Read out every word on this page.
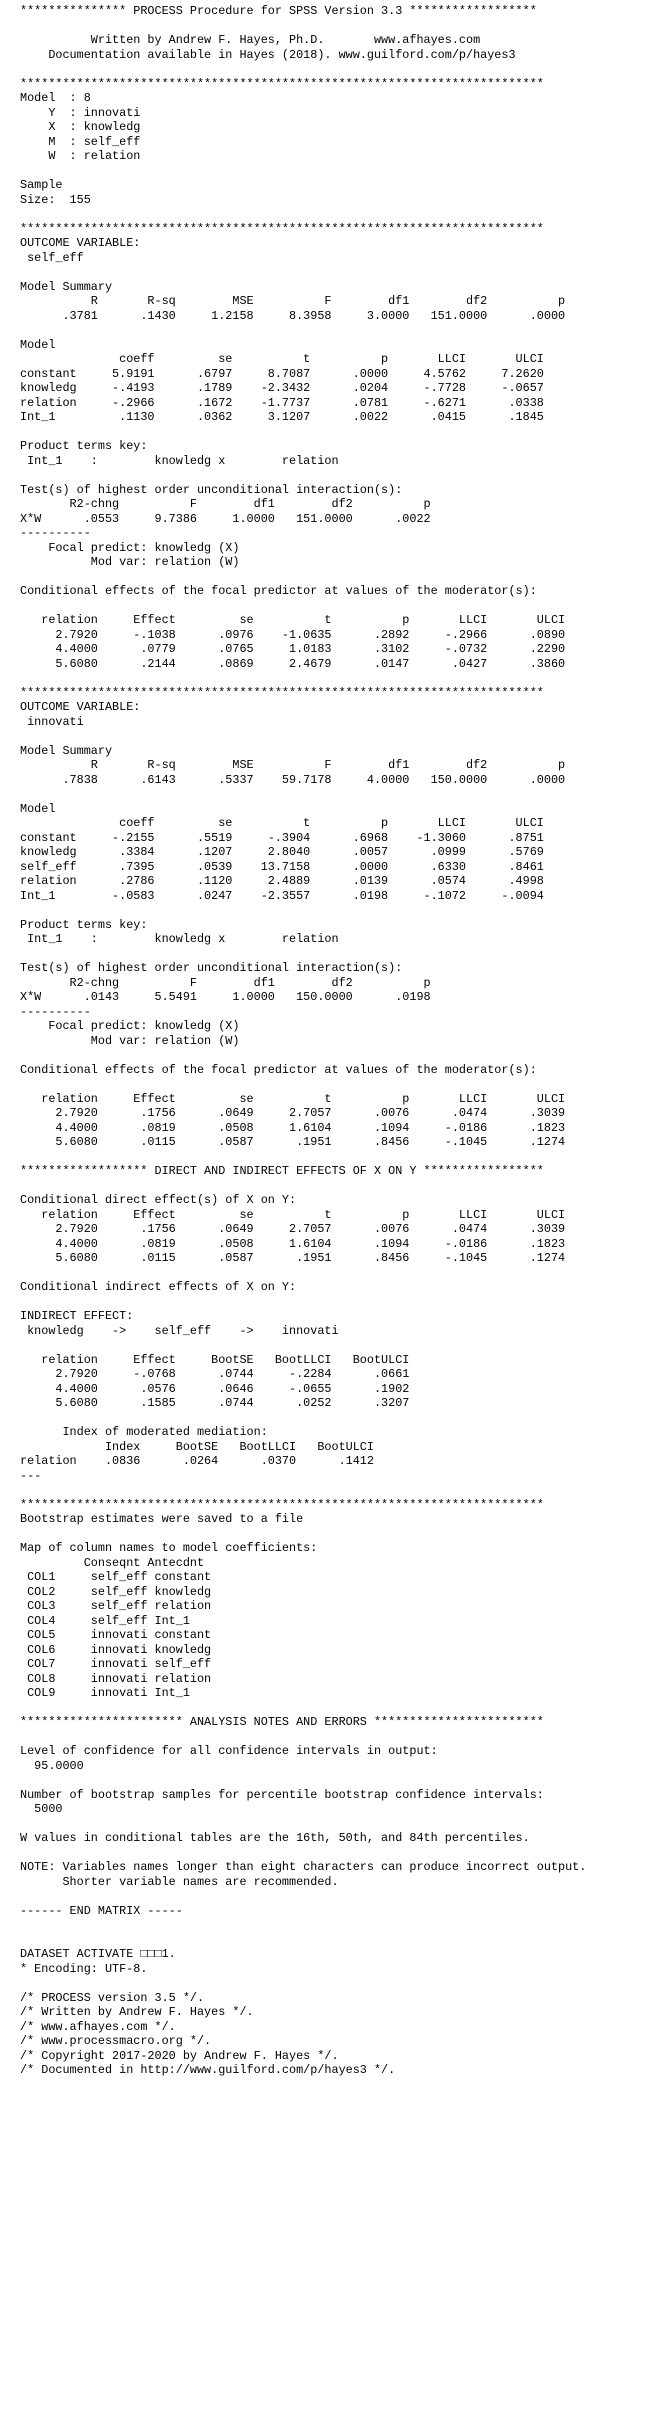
*************** PROCESS Procedure for SPSS Version 3.3 ******************
Written by Andrew F. Hayes, Ph.D.       www.afhayes.com
Documentation available in Hayes (2018). www.guilford.com/p/hayes3
**************************************************************************
Model  : 8
Y  : innovati
X  : knowledg
M  : self_eff
W  : relation
Sample
Size:  155
**************************************************************************
OUTCOME VARIABLE:
self_eff
Model Summary
R       R-sq        MSE          F        df1        df2          p
.3781      .1430     1.2158     8.3958     3.0000   151.0000      .0000
Model
coeff         se          t          p       LLCI       ULCI
constant     5.9191      .6797     8.7087      .0000     4.5762     7.2620
knowledg     -.4193      .1789    -2.3432      .0204     -.7728     -.0657
relation     -.2966      .1672    -1.7737      .0781     -.6271      .0338
Int_1         .1130      .0362     3.1207      .0022      .0415      .1845
Product terms key:
Int_1    :        knowledg x        relation
Test(s) of highest order unconditional interaction(s):
R2-chng          F        df1        df2          p
X*W      .0553     9.7386     1.0000   151.0000      .0022
----------
Focal predict: knowledg (X)
Mod var: relation (W)
Conditional effects of the focal predictor at values of the moderator(s):
relation     Effect         se          t          p       LLCI       ULCI
2.7920     -.1038      .0976    -1.0635      .2892     -.2966      .0890
4.4000      .0779      .0765     1.0183      .3102     -.0732      .2290
5.6080      .2144      .0869     2.4679      .0147      .0427      .3860
**************************************************************************
OUTCOME VARIABLE:
innovati
Model Summary
R       R-sq        MSE          F        df1        df2          p
.7838      .6143      .5337    59.7178     4.0000   150.0000      .0000
Model
coeff         se          t          p       LLCI       ULCI
constant     -.2155      .5519     -.3904      .6968    -1.3060      .8751
knowledg      .3384      .1207     2.8040      .0057      .0999      .5769
self_eff      .7395      .0539    13.7158      .0000      .6330      .8461
relation      .2786      .1120     2.4889      .0139      .0574      .4998
Int_1        -.0583      .0247    -2.3557      .0198     -.1072     -.0094
Product terms key:
Int_1    :        knowledg x        relation
Test(s) of highest order unconditional interaction(s):
R2-chng          F        df1        df2          p
X*W      .0143     5.5491     1.0000   150.0000      .0198
----------
Focal predict: knowledg (X)
Mod var: relation (W)
Conditional effects of the focal predictor at values of the moderator(s):
relation     Effect         se          t          p       LLCI       ULCI
2.7920      .1756      .0649     2.7057      .0076      .0474      .3039
4.4000      .0819      .0508     1.6104      .1094     -.0186      .1823
5.6080      .0115      .0587      .1951      .8456     -.1045      .1274
****************** DIRECT AND INDIRECT EFFECTS OF X ON Y *****************
Conditional direct effect(s) of X on Y:
relation     Effect         se          t          p       LLCI       ULCI
2.7920      .1756      .0649     2.7057      .0076      .0474      .3039
4.4000      .0819      .0508     1.6104      .1094     -.0186      .1823
5.6080      .0115      .0587      .1951      .8456     -.1045      .1274
Conditional indirect effects of X on Y:
INDIRECT EFFECT:
knowledg    ->    self_eff    ->    innovati
relation     Effect     BootSE   BootLLCI   BootULCI
2.7920     -.0768      .0744     -.2284      .0661
4.4000      .0576      .0646     -.0655      .1902
5.6080      .1585      .0744      .0252      .3207
Index of moderated mediation:
Index     BootSE   BootLLCI   BootULCI
relation    .0836      .0264      .0370      .1412
---
**************************************************************************
Bootstrap estimates were saved to a file
Map of column names to model coefficients:
Conseqnt Antecdnt
COL1     self_eff constant
COL2     self_eff knowledg
COL3     self_eff relation
COL4     self_eff Int_1
COL5     innovati constant
COL6     innovati knowledg
COL7     innovati self_eff
COL8     innovati relation
COL9     innovati Int_1
*********************** ANALYSIS NOTES AND ERRORS ************************
Level of confidence for all confidence intervals in output:
95.0000
Number of bootstrap samples for percentile bootstrap confidence intervals:
5000
W values in conditional tables are the 16th, 50th, and 84th percentiles.
NOTE: Variables names longer than eight characters can produce incorrect output.
Shorter variable names are recommended.
------ END MATRIX -----
DATASET ACTIVATE □□□1.
* Encoding: UTF-8.
/* PROCESS version 3.5 */.
/* Written by Andrew F. Hayes */.
/* www.afhayes.com */.
/* www.processmacro.org */.
/* Copyright 2017-2020 by Andrew F. Hayes */.
/* Documented in http://www.guilford.com/p/hayes3 */.
